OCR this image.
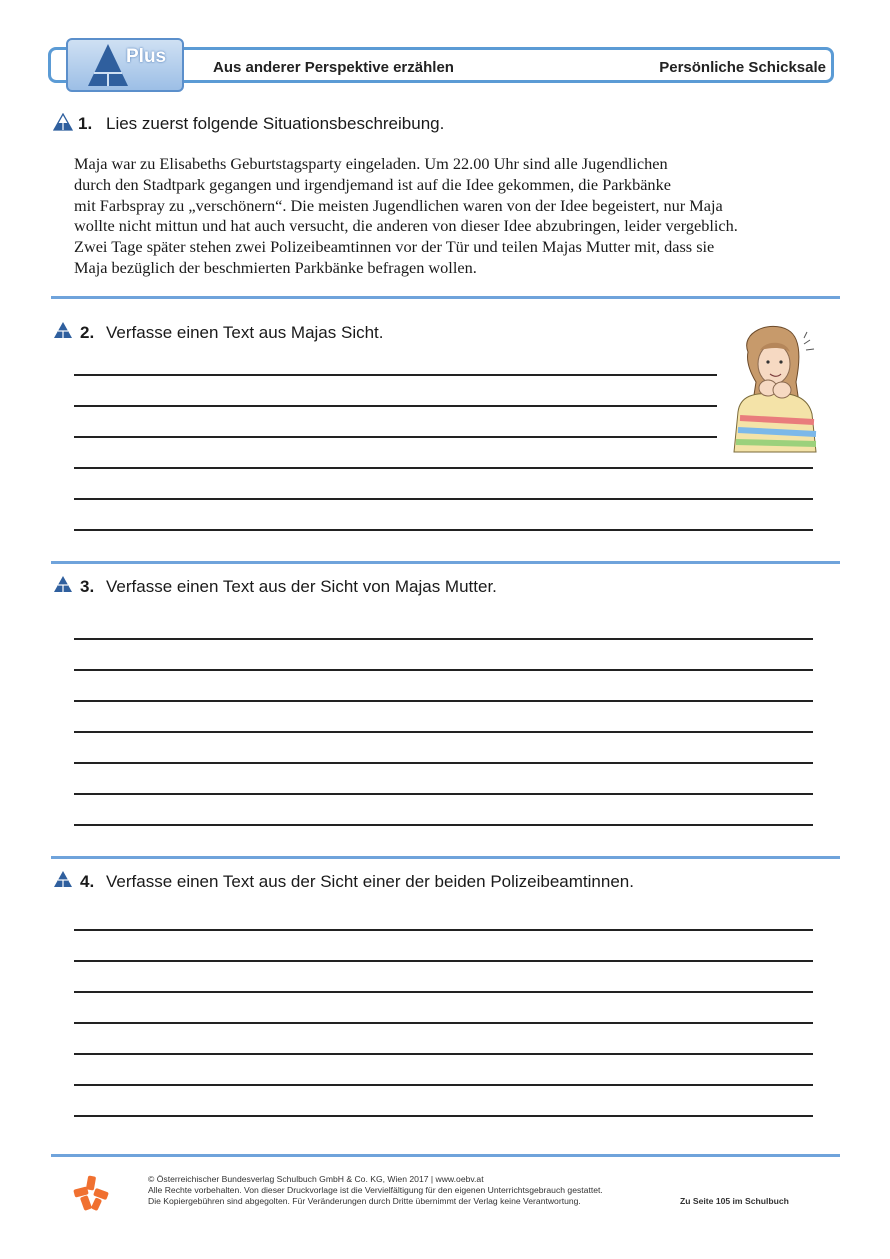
Plus
Aus anderer Perspektive erzählen	Persönliche Schicksale
1. Lies zuerst folgende Situationsbeschreibung.
Maja war zu Elisabeths Geburtstagsparty eingeladen. Um 22.00 Uhr sind alle Jugendlichen
durch den Stadtpark gegangen und irgendjemand ist auf die Idee gekommen, die Parkbänke
mit Farbspray zu „verschönern“. Die meisten Jugendlichen waren von der Idee begeistert, nur Maja
wollte nicht mittun und hat auch versucht, die anderen von dieser Idee abzubringen, leider vergeblich.
Zwei Tage später stehen zwei Polizeibeamtinnen vor der Tür und teilen Majas Mutter mit, dass sie
Maja bezüglich der beschmierten Parkbänke befragen wollen.
2. Verfasse einen Text aus Majas Sicht.
3. Verfasse einen Text aus der Sicht von Majas Mutter.
4. Verfasse einen Text aus der Sicht einer der beiden Polizeibeamtinnen.
© Österreichischer Bundesverlag Schulbuch GmbH & Co. KG, Wien 2017 | www.oebv.at
Alle Rechte vorbehalten. Von dieser Druckvorlage ist die Vervielfältigung für den eigenen Unterrichtsgebrauch gestattet.
Die Kopiergebühren sind abgegolten. Für Veränderungen durch Dritte übernimmt der Verlag keine Verantwortung.	Zu Seite 105 im Schulbuch
